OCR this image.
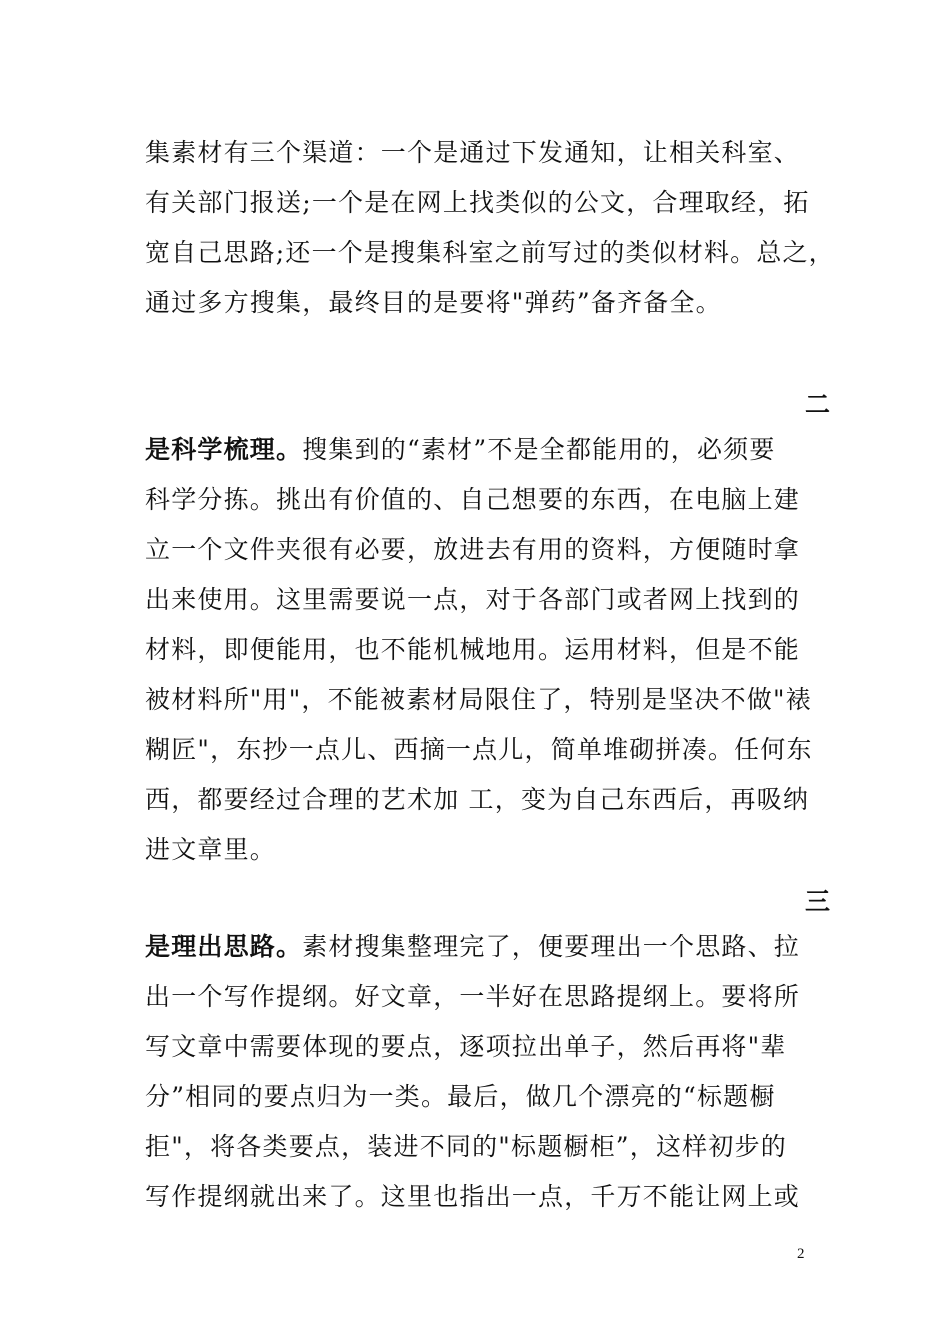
集素材有三个渠道：一个是通过下发通知，让相关科室、
有关部门报送;一个是在网上找类似的公文，合理取经，拓
宽自己思路;还一个是搜集科室之前写过的类似材料。总之，
通过多方搜集，最终目的是要将"弹药”备齐备全。
二
是科学梳理。搜集到的“素材”不是全都能用的，必须要
科学分拣。挑出有价值的、自己想要的东西，在电脑上建
立一个文件夹很有必要，放进去有用的资料，方便随时拿
出来使用。这里需要说一点，对于各部门或者网上找到的
材料，即便能用，也不能机械地用。运用材料，但是不能
被材料所"用"，不能被素材局限住了，特别是坚决不做"裱
糊匠"，东抄一点儿、西摘一点儿，简单堆砌拼凑。任何东
西，都要经过合理的艺术加 工，变为自己东西后，再吸纳
进文章里。
三
是理出思路。素材搜集整理完了，便要理出一个思路、拉
出一个写作提纲。好文章，一半好在思路提纲上。要将所
写文章中需要体现的要点，逐项拉出单子，然后再将"辈
分”相同的要点归为一类。最后，做几个漂亮的“标题橱
拒"，将各类要点，装进不同的"标题橱柜”，这样初步的
写作提纲就出来了。这里也指出一点，千万不能让网上或
2
